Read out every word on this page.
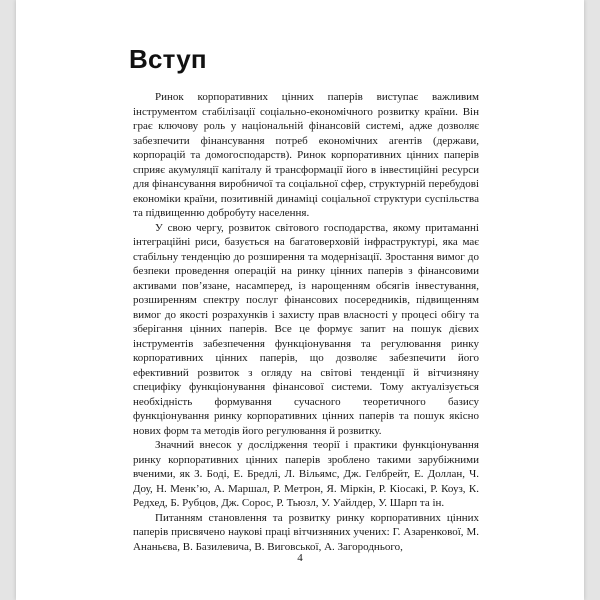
Вступ

Ринок корпоративних цінних паперів виступає важливим інструментом стабілізації соціально-економічного розвитку країни. Він грає ключову роль у національній фінансовій системі, адже дозволяє забезпечити фінансування потреб економічних агентів (держави, корпорацій та домогосподарств). Ринок корпоративних цінних паперів сприяє акумуляції капіталу й трансформації його в інвестиційні ресурси для фінансування виробничої та соціальної сфер, структурній перебудові економіки країни, позитивній динаміці соціальної структури суспільства та підвищенню добробуту населення.

У свою чергу, розвиток світового господарства, якому притаманні інтеграційні риси, базується на багатоверховій інфраструктурі, яка має стабільну тенденцію до розширення та модернізації. Зростання вимог до безпеки проведення операцій на ринку цінних паперів з фінансовими активами пов’язане, насамперед, із нарощенням обсягів інвестування, розширенням спектру послуг фінансових посередників, підвищенням вимог до якості розрахунків і захисту прав власності у процесі обігу та зберігання цінних паперів. Все це формує запит на пошук дієвих інструментів забезпечення функціонування та регулювання ринку корпоративних цінних паперів, що дозволяє забезпечити його ефективний розвиток з огляду на світові тенденції й вітчизняну специфіку функціонування фінансової системи. Тому актуалізується необхідність формування сучасного теоретичного базису функціонування ринку корпоративних цінних паперів та пошук якісно нових форм та методів його регулювання й розвитку.

Значний внесок у дослідження теорії і практики функціонування ринку корпоративних цінних паперів зроблено такими зарубіжними вченими, як З. Боді, Е. Бредлі, Л. Вільямс, Дж. Гелбрейт, Е. Доллан, Ч. Доу, Н. Менк’ю, А. Маршал, Р. Метрон, Я. Міркін, Р. Кіосакі, Р. Коуз, К. Редхед, Б. Рубцов, Дж. Сорос, Р. Тьюзл, У. Уайлдер, У. Шарп та ін.

Питанням становлення та розвитку ринку корпоративних цінних паперів присвячено наукові праці вітчизняних учених: Г. Азаренкової, М. Ананьєва, В. Базилевича, В. Виговської, А. Загороднього,

4
